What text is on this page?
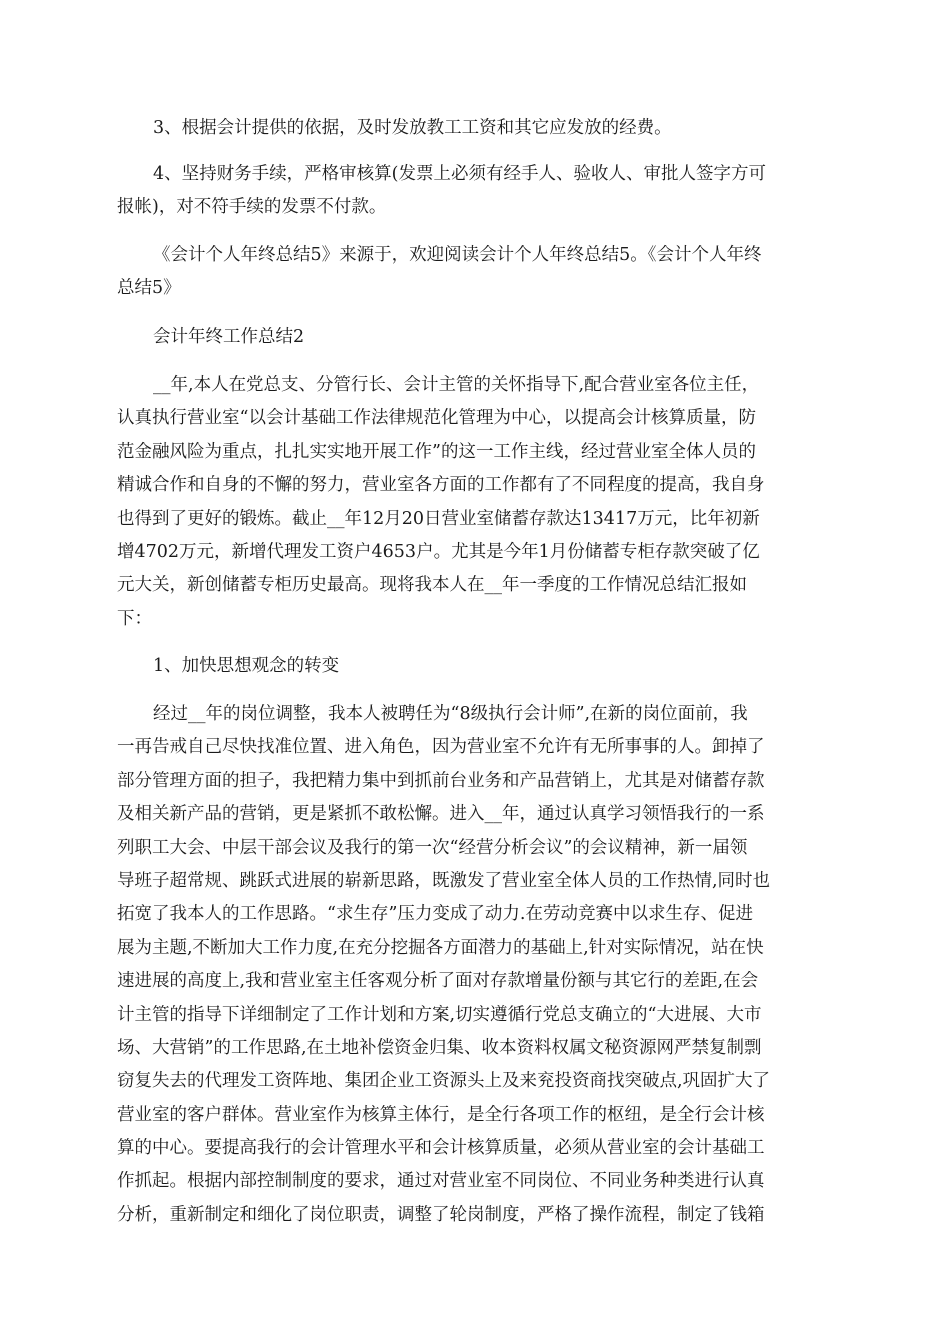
3、根据会计提供的依据，及时发放教工工资和其它应发放的经费。
4、坚持财务手续，严格审核算(发票上必须有经手人、验收人、审批人签字方可
报帐)，对不符手续的发票不付款。
《会计个人年终总结5》来源于，欢迎阅读会计个人年终总结5。《会计个人年终
总结5》
会计年终工作总结2
__年,本人在党总支、分管行长、会计主管的关怀指导下,配合营业室各位主任，
认真执行营业室“以会计基础工作法律规范化管理为中心，以提高会计核算质量，防
范金融风险为重点，扎扎实实地开展工作”的这一工作主线，经过营业室全体人员的
精诚合作和自身的不懈的努力，营业室各方面的工作都有了不同程度的提高，我自身
也得到了更好的锻炼。截止__年12月20日营业室储蓄存款达13417万元，比年初新
增4702万元，新增代理发工资户4653户。尤其是今年1月份储蓄专柜存款突破了亿
元大关，新创储蓄专柜历史最高。现将我本人在__年一季度的工作情况总结汇报如
下：
1、加快思想观念的转变
经过__年的岗位调整，我本人被聘任为“8级执行会计师”,在新的岗位面前，我
一再告戒自己尽快找准位置、进入角色，因为营业室不允许有无所事事的人。卸掉了
部分管理方面的担子，我把精力集中到抓前台业务和产品营销上，尤其是对储蓄存款
及相关新产品的营销，更是紧抓不敢松懈。进入__年，通过认真学习领悟我行的一系
列职工大会、中层干部会议及我行的第一次“经营分析会议”的会议精神，新一届领
导班子超常规、跳跃式进展的崭新思路，既激发了营业室全体人员的工作热情,同时也
拓宽了我本人的工作思路。“求生存”压力变成了动力.在劳动竞赛中以求生存、促进
展为主题,不断加大工作力度,在充分挖掘各方面潜力的基础上,针对实际情况，站在快
速进展的高度上,我和营业室主任客观分析了面对存款增量份额与其它行的差距,在会
计主管的指导下详细制定了工作计划和方案,切实遵循行党总支确立的“大进展、大市
场、大营销”的工作思路,在土地补偿资金归集、收本资料权属文秘资源网严禁复制剽
窃复失去的代理发工资阵地、集团企业工资源头上及来兖投资商找突破点,巩固扩大了
营业室的客户群体。营业室作为核算主体行，是全行各项工作的枢纽，是全行会计核
算的中心。要提高我行的会计管理水平和会计核算质量，必须从营业室的会计基础工
作抓起。根据内部控制制度的要求，通过对营业室不同岗位、不同业务种类进行认真
分析，重新制定和细化了岗位职责，调整了轮岗制度，严格了操作流程，制定了钱箱
